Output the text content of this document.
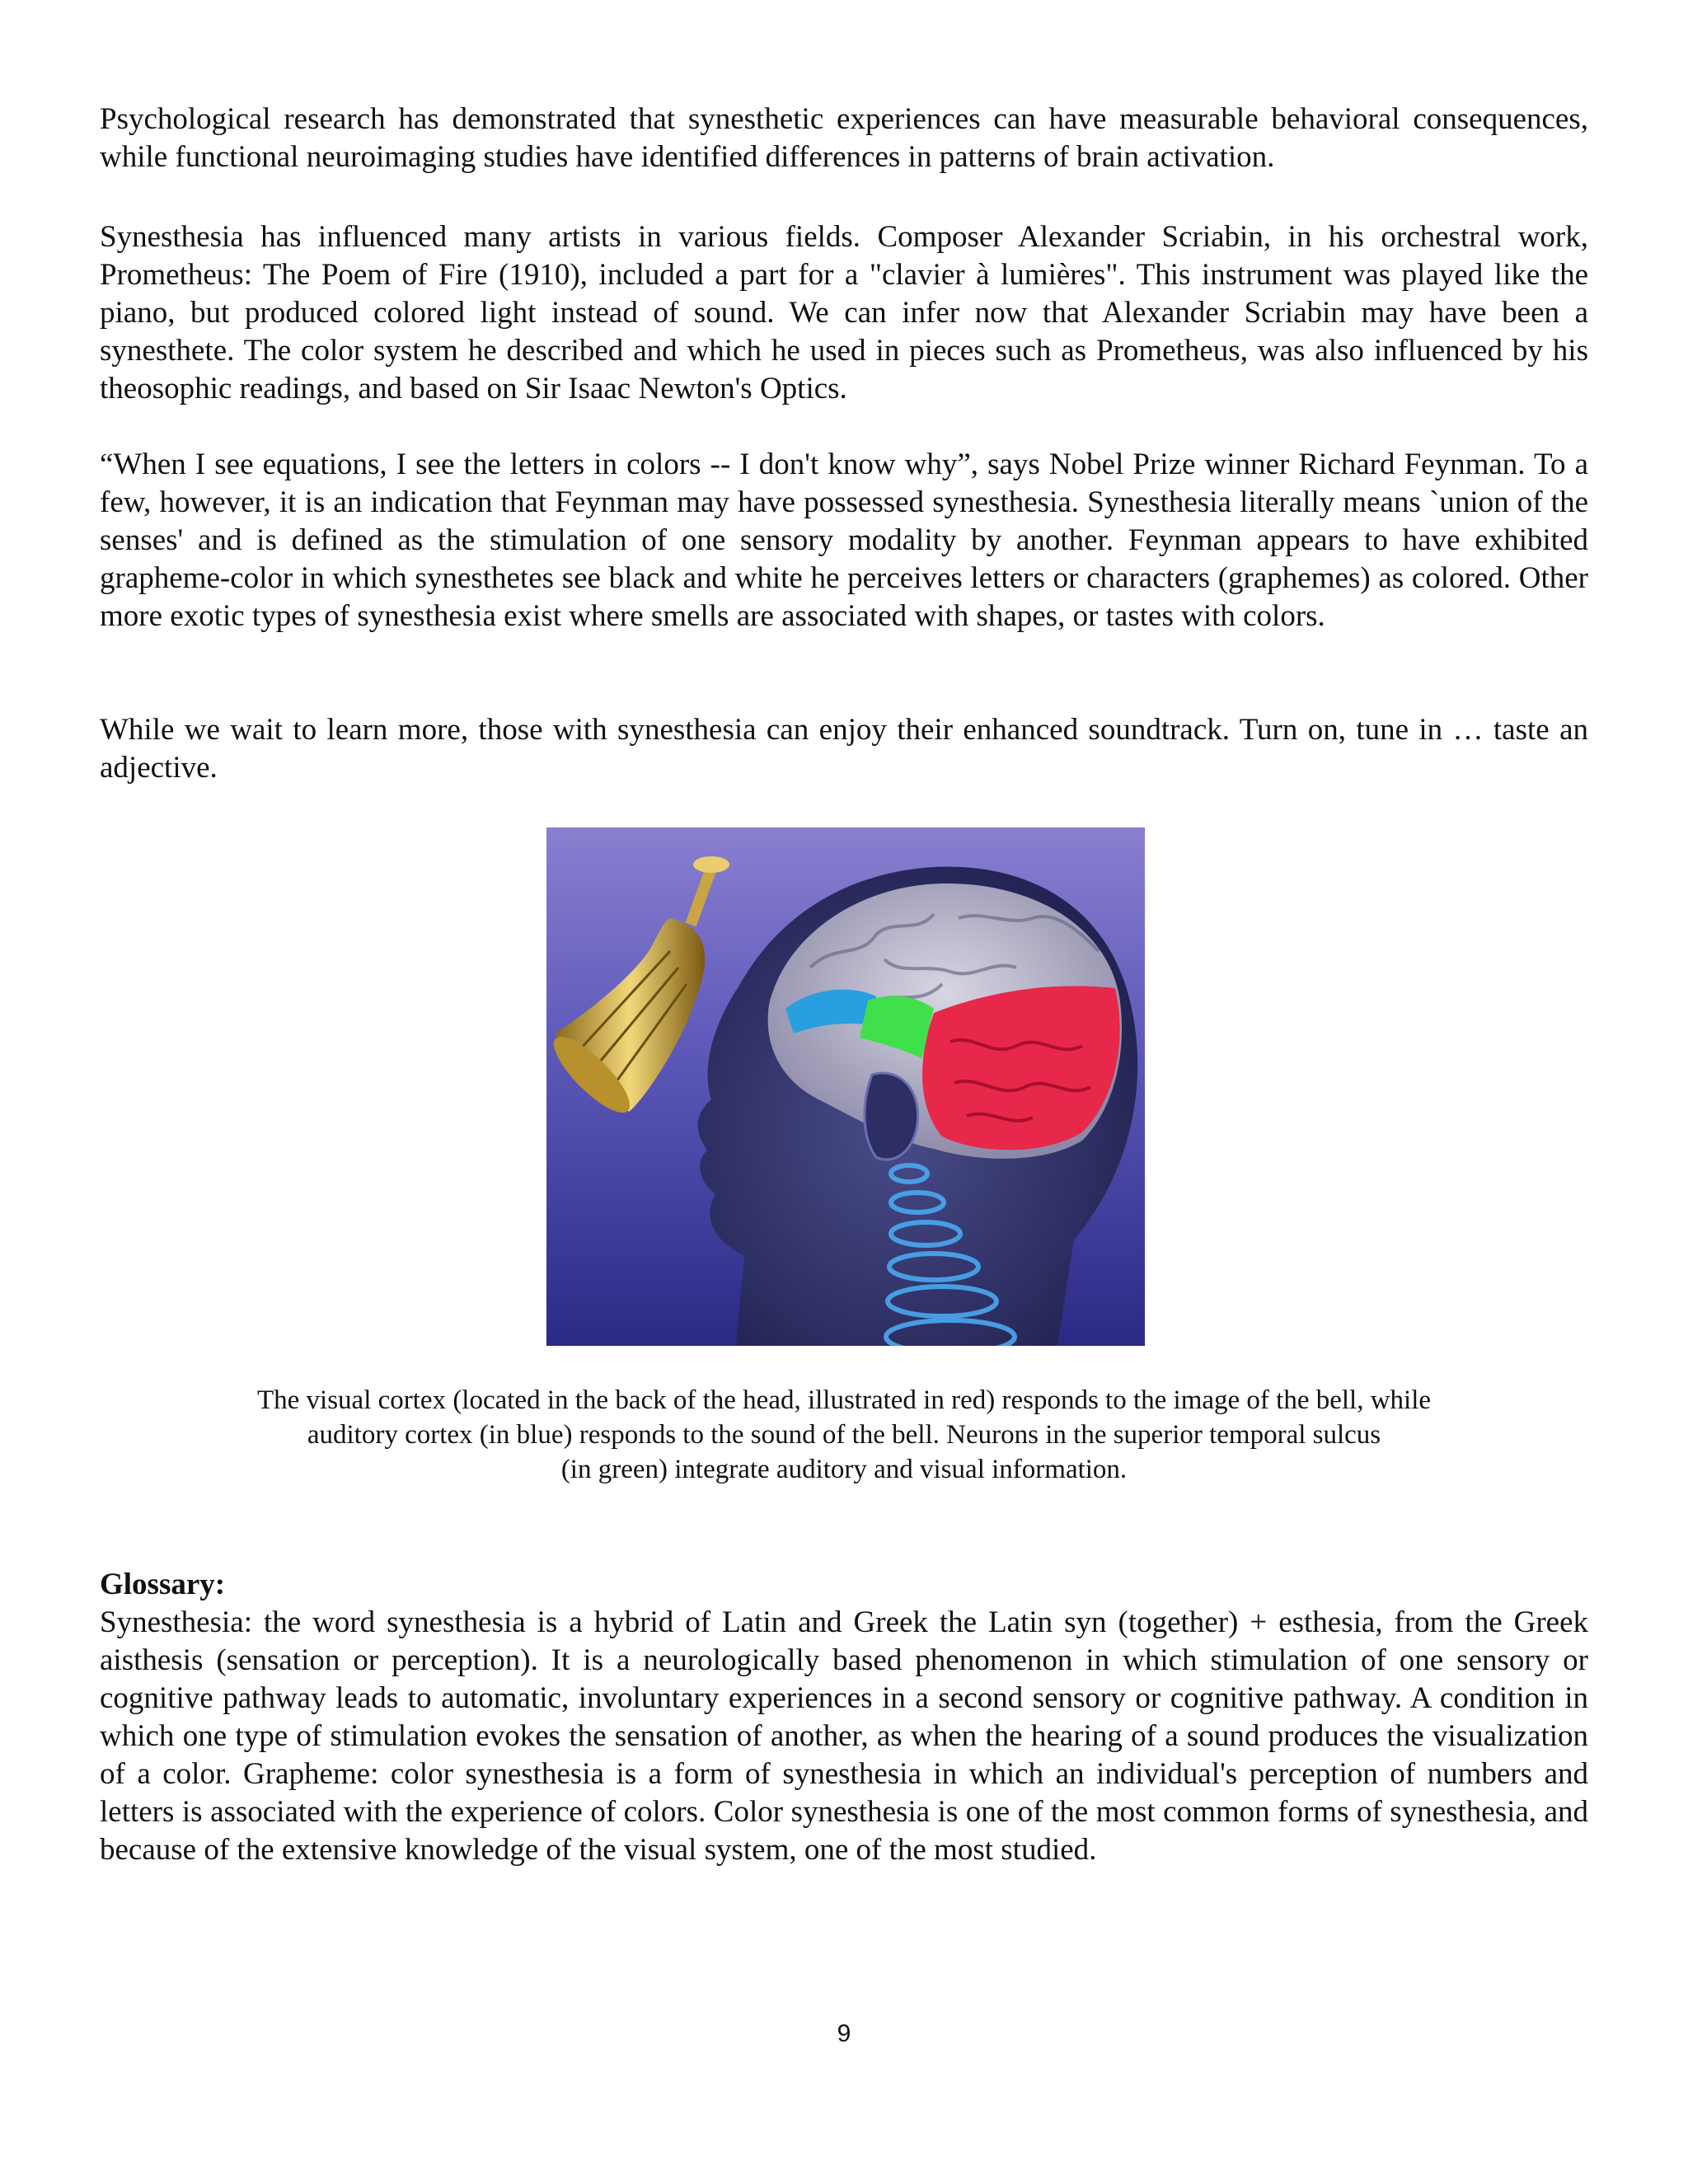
Psychological research has demonstrated that synesthetic experiences can have measurable behavioral consequences, while functional neuroimaging studies have identified differences in patterns of brain activation.

Synesthesia has influenced many artists in various fields. Composer Alexander Scriabin, in his orchestral work, Prometheus: The Poem of Fire (1910), included a part for a "clavier à lumières". This instrument was played like the piano, but produced colored light instead of sound. We can infer now that Alexander Scriabin may have been a synesthete. The color system he described and which he used in pieces such as Prometheus, was also influenced by his theosophic readings, and based on Sir Isaac Newton's Optics.

“When I see equations, I see the letters in colors -- I don't know why”, says Nobel Prize winner Richard Feynman. To a few, however, it is an indication that Feynman may have possessed synesthesia. Synesthesia literally means `union of the senses' and is defined as the stimulation of one sensory modality by another. Feynman appears to have exhibited grapheme-color in which synesthetes see black and white he perceives letters or characters (graphemes) as colored. Other more exotic types of synesthesia exist where smells are associated with shapes, or tastes with colors.

While we wait to learn more, those with synesthesia can enjoy their enhanced soundtrack. Turn on, tune in … taste an adjective.

The visual cortex (located in the back of the head, illustrated in red) responds to the image of the bell, while
auditory cortex (in blue) responds to the sound of the bell. Neurons in the superior temporal sulcus
(in green) integrate auditory and visual information.

Glossary:

Synesthesia: the word synesthesia is a hybrid of Latin and Greek the Latin syn (together) + esthesia, from the Greek aisthesis (sensation or perception). It is a neurologically based phenomenon in which stimulation of one sensory or cognitive pathway leads to automatic, involuntary experiences in a second sensory or cognitive pathway. A condition in which one type of stimulation evokes the sensation of another, as when the hearing of a sound produces the visualization of a color. Grapheme: color synesthesia is a form of synesthesia in which an individual's perception of numbers and letters is associated with the experience of colors. Color synesthesia is one of the most common forms of synesthesia, and because of the extensive knowledge of the visual system, one of the most studied.

9
